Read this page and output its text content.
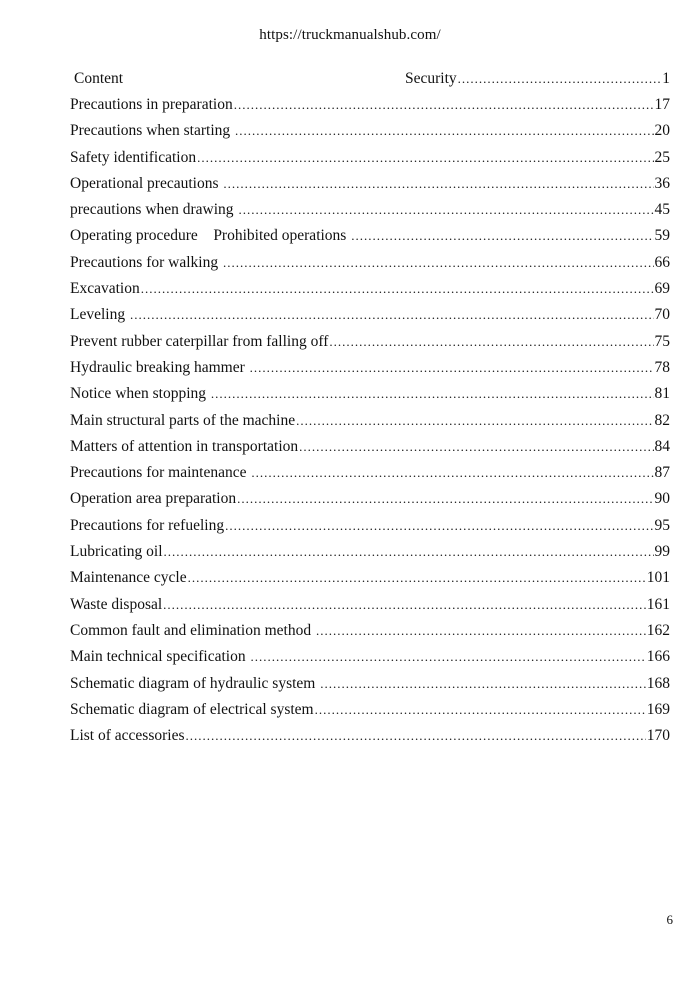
https://truckmanualshub.com/
Content	Security .....	1
Precautions in preparation .....	17
Precautions when starting .....	20
Safety identification .....	25
Operational precautions .....	36
precautions when drawing .....	45
Operating procedure    Prohibited operations .....	59
Precautions for walking .....	66
Excavation .....	69
Leveling .....	70
Prevent rubber caterpillar from falling off .....	75
Hydraulic breaking hammer .....	78
Notice when stopping .....	81
Main structural parts of the machine .....	82
Matters of attention in transportation .....	84
Precautions for maintenance .....	87
Operation area preparation .....	90
Precautions for refueling .....	95
Lubricating oil .....	99
Maintenance cycle .....	101
Waste disposal .....	161
Common fault and elimination method .....	162
Main technical specification .....	166
Schematic diagram of hydraulic system .....	168
Schematic diagram of electrical system .....	169
List of accessories .....	170
6
